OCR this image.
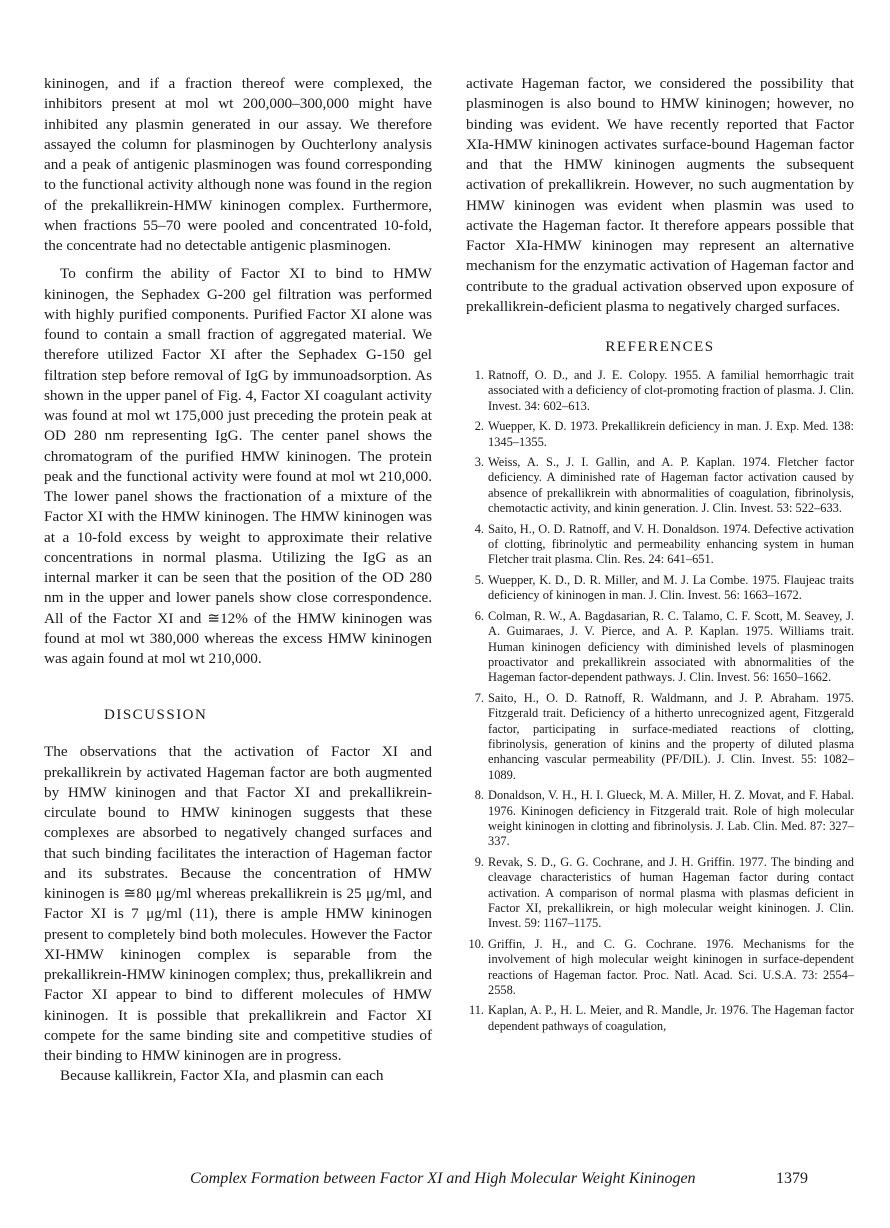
kininogen, and if a fraction thereof were complexed, the inhibitors present at mol wt 200,000–300,000 might have inhibited any plasmin generated in our assay. We therefore assayed the column for plasminogen by Ouchterlony analysis and a peak of antigenic plasminogen was found corresponding to the functional activity although none was found in the region of the prekallikrein-HMW kininogen complex. Furthermore, when fractions 55–70 were pooled and concentrated 10-fold, the concentrate had no detectable antigenic plasminogen.

To confirm the ability of Factor XI to bind to HMW kininogen, the Sephadex G-200 gel filtration was performed with highly purified components. Purified Factor XI alone was found to contain a small fraction of aggregated material. We therefore utilized Factor XI after the Sephadex G-150 gel filtration step before removal of IgG by immunoadsorption. As shown in the upper panel of Fig. 4, Factor XI coagulant activity was found at mol wt 175,000 just preceding the protein peak at OD 280 nm representing IgG. The center panel shows the chromatogram of the purified HMW kininogen. The protein peak and the functional activity were found at mol wt 210,000. The lower panel shows the fractionation of a mixture of the Factor XI with the HMW kininogen. The HMW kininogen was at a 10-fold excess by weight to approximate their relative concentrations in normal plasma. Utilizing the IgG as an internal marker it can be seen that the position of the OD 280 nm in the upper and lower panels show close correspondence. All of the Factor XI and ≅12% of the HMW kininogen was found at mol wt 380,000 whereas the excess HMW kininogen was again found at mol wt 210,000.

DISCUSSION

The observations that the activation of Factor XI and prekallikrein by activated Hageman factor are both augmented by HMW kininogen and that Factor XI and prekallikrein-circulate bound to HMW kininogen suggests that these complexes are absorbed to negatively changed surfaces and that such binding facilitates the interaction of Hageman factor and its substrates. Because the concentration of HMW kininogen is ≅80 μg/ml whereas prekallikrein is 25 μg/ml, and Factor XI is 7 μg/ml (11), there is ample HMW kininogen present to completely bind both molecules. However the Factor XI-HMW kininogen complex is separable from the prekallikrein-HMW kininogen complex; thus, prekallikrein and Factor XI appear to bind to different molecules of HMW kininogen. It is possible that prekallikrein and Factor XI compete for the same binding site and competitive studies of their binding to HMW kininogen are in progress.

Because kallikrein, Factor XIa, and plasmin can each

activate Hageman factor, we considered the possibility that plasminogen is also bound to HMW kininogen; however, no binding was evident. We have recently reported that Factor XIa-HMW kininogen activates surface-bound Hageman factor and that the HMW kininogen augments the subsequent activation of prekallikrein. However, no such augmentation by HMW kininogen was evident when plasmin was used to activate the Hageman factor. It therefore appears possible that Factor XIa-HMW kininogen may represent an alternative mechanism for the enzymatic activation of Hageman factor and contribute to the gradual activation observed upon exposure of prekallikrein-deficient plasma to negatively charged surfaces.

REFERENCES
1. Ratnoff, O. D., and J. E. Colopy. 1955. A familial hemorrhagic trait associated with a deficiency of clot-promoting fraction of plasma. J. Clin. Invest. 34: 602–613.
2. Wuepper, K. D. 1973. Prekallikrein deficiency in man. J. Exp. Med. 138: 1345–1355.
3. Weiss, A. S., J. I. Gallin, and A. P. Kaplan. 1974. Fletcher factor deficiency. A diminished rate of Hageman factor activation caused by absence of prekallikrein with abnormalities of coagulation, fibrinolysis, chemotactic activity, and kinin generation. J. Clin. Invest. 53: 522–633.
4. Saito, H., O. D. Ratnoff, and V. H. Donaldson. 1974. Defective activation of clotting, fibrinolytic and permeability enhancing system in human Fletcher trait plasma. Clin. Res. 24: 641–651.
5. Wuepper, K. D., D. R. Miller, and M. J. La Combe. 1975. Flaujeac traits deficiency of kininogen in man. J. Clin. Invest. 56: 1663–1672.
6. Colman, R. W., A. Bagdasarian, R. C. Talamo, C. F. Scott, M. Seavey, J. A. Guimaraes, J. V. Pierce, and A. P. Kaplan. 1975. Williams trait. Human kininogen deficiency with diminished levels of plasminogen proactivator and prekallikrein associated with abnormalities of the Hageman factor-dependent pathways. J. Clin. Invest. 56: 1650–1662.
7. Saito, H., O. D. Ratnoff, R. Waldmann, and J. P. Abraham. 1975. Fitzgerald trait. Deficiency of a hitherto unrecognized agent, Fitzgerald factor, participating in surface-mediated reactions of clotting, fibrinolysis, generation of kinins and the property of diluted plasma enhancing vascular permeability (PF/DIL). J. Clin. Invest. 55: 1082–1089.
8. Donaldson, V. H., H. I. Glueck, M. A. Miller, H. Z. Movat, and F. Habal. 1976. Kininogen deficiency in Fitzgerald trait. Role of high molecular weight kininogen in clotting and fibrinolysis. J. Lab. Clin. Med. 87: 327–337.
9. Revak, S. D., G. G. Cochrane, and J. H. Griffin. 1977. The binding and cleavage characteristics of human Hageman factor during contact activation. A comparison of normal plasma with plasmas deficient in Factor XI, prekallikrein, or high molecular weight kininogen. J. Clin. Invest. 59: 1167–1175.
10. Griffin, J. H., and C. G. Cochrane. 1976. Mechanisms for the involvement of high molecular weight kininogen in surface-dependent reactions of Hageman factor. Proc. Natl. Acad. Sci. U.S.A. 73: 2554–2558.
11. Kaplan, A. P., H. L. Meier, and R. Mandle, Jr. 1976. The Hageman factor dependent pathways of coagulation,
Complex Formation between Factor XI and High Molecular Weight Kininogen	1379
